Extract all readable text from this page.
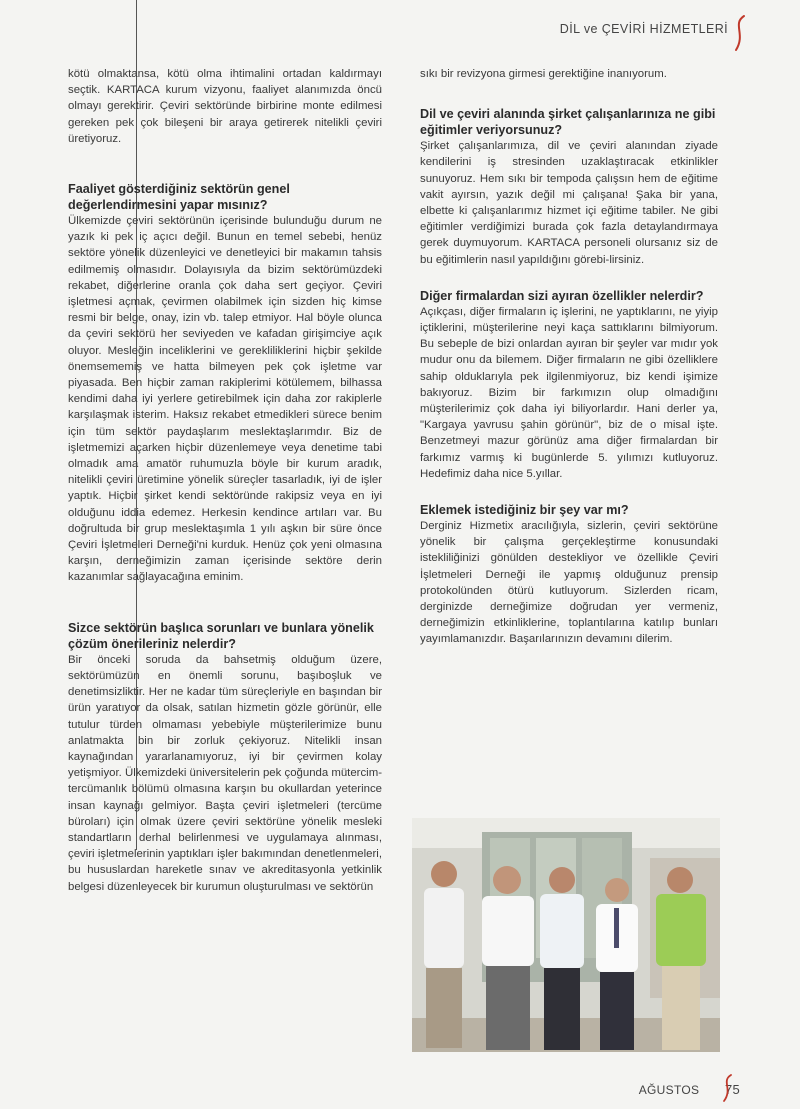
DİL ve ÇEVİRİ HİZMETLERİ

kötü olmaktansa, kötü olma ihtimalini ortadan kaldırmayı seçtik. KARTACA kurum vizyonu, faaliyet alanımızda öncü olmayı gerektirir. Çeviri sektöründe birbirine monte edilmesi gereken pek çok bileşeni bir araya getirerek nitelikli çeviri üretiyoruz.

Faaliyet gösterdiğiniz sektörün genel değerlendirmesini yapar mısınız?

Ülkemizde çeviri sektörünün içerisinde bulunduğu durum ne yazık ki pek iç açıcı değil. Bunun en temel sebebi, henüz sektöre yönelik düzenleyici ve denetleyici bir makamın tahsis edilmemiş olmasıdır. Dolayısıyla da bizim sektörümüzdeki rekabet, diğerlerine oranla çok daha sert geçiyor. Çeviri işletmesi açmak, çevirmen olabilmek için sizden hiç kimse resmi bir belge, onay, izin vb. talep etmiyor. Hal böyle olunca da çeviri sektörü her seviyeden ve kafadan girişimciye açık oluyor. Mesleğin inceliklerini ve gerekliliklerini hiçbir şekilde önemsememiş ve hatta bilmeyen pek çok işletme var piyasada. Ben hiçbir zaman rakiplerimi kötülemem, bilhassa kendimi daha iyi yerlere getirebilmek için daha zor rakiplerle karşılaşmak isterim. Haksız rekabet etmedikleri sürece benim için tüm sektör paydaşlarım meslektaşlarımdır. Biz de işletmemizi açarken hiçbir düzenlemeye veya denetime tabi olmadık ama amatör ruhumuzla böyle bir kurum aradık, nitelikli çeviri üretimine yönelik süreçler tasarladık, iyi de işler yaptık. Hiçbir şirket kendi sektöründe rakipsiz veya en iyi olduğunu iddia edemez. Herkesin kendince artıları var. Bu doğrultuda bir grup meslektaşımla 1 yılı aşkın bir süre önce Çeviri İşletmeleri Derneği'ni kurduk. Henüz çok yeni olmasına karşın, derneğimizin zaman içerisinde sektöre derin kazanımlar sağlayacağına eminim.

Sizce sektörün başlıca sorunları ve bunlara yönelik çözüm önerileriniz nelerdir?

Bir önceki soruda da bahsetmiş olduğum üzere, sektörümüzün en önemli sorunu, başıboşluk ve denetimsizliktir. Her ne kadar tüm süreçleriyle en başından bir ürün yaratıyor da olsak, satılan hizmetin gözle görünür, elle tutulur türden olmaması yebebiyle müşterilerimize bunu anlatmakta bin bir zorluk çekiyoruz. Nitelikli insan kaynağından yararlanamıyoruz, iyi bir çevirmen kolay yetişmiyor. Ülkemizdeki üniversitelerin pek çoğunda mütercim-tercümanlık bölümü olmasına karşın bu okullardan yeterince insan kaynağı gelmiyor. Başta çeviri işletmeleri (tercüme büroları) için olmak üzere çeviri sektörüne yönelik mesleki standartların derhal belirlenmesi ve uygulamaya alınması, çeviri işletmelerinin yaptıkları işler bakımından denetlenmeleri, bu hususlardan hareketle sınav ve akreditasyonla yetkinlik belgesi düzenleyecek bir kurumun oluşturulması ve sektörün

sıkı bir revizyona girmesi gerektiğine inanıyorum.

Dil ve çeviri alanında şirket çalışanlarınıza ne gibi eğitimler veriyorsunuz?

Şirket çalışanlarımıza, dil ve çeviri alanından ziyade kendilerini iş stresinden uzaklaştıracak etkinlikler sunuyoruz. Hem sıkı bir tempoda çalışsın hem de eğitime vakit ayırsın, yazık değil mi çalışana! Şaka bir yana, elbette ki çalışanlarımız hizmet içi eğitime tabiler. Ne gibi eğitimler verdiğimizi burada çok fazla detaylandırmaya gerek duymuyorum. KARTACA personeli olursanız siz de bu eğitimlerin nasıl yapıldığını görebi-lirsiniz.

Diğer firmalardan sizi ayıran özellikler nelerdir?

Açıkçası, diğer firmaların iç işlerini, ne yaptıklarını, ne yiyip içtiklerini, müşterilerine neyi kaça sattıklarını bilmiyorum. Bu sebeple de bizi onlardan ayıran bir şeyler var mıdır yok mudur onu da bilemem. Diğer firmaların ne gibi özelliklere sahip olduklarıyla pek ilgilenmiyoruz, biz kendi işimize bakıyoruz. Bizim bir farkımızın olup olmadığını müşterilerimiz çok daha iyi biliyorlardır. Hani derler ya, "Kargaya yavrusu şahin görünür", biz de o misal işte. Benzetmeyi mazur görünüz ama diğer firmalardan bir farkımız varmış ki bugünlerde 5. yılımızı kutluyoruz. Hedefimiz daha nice 5.yıllar.

Eklemek istediğiniz bir şey var mı?

Derginiz Hizmetix aracılığıyla, sizlerin, çeviri sektörüne yönelik bir çalışma gerçekleştirme konusundaki istekliliğinizi gönülden destekliyor ve özellikle Çeviri İşletmeleri Derneği ile yapmış olduğunuz prensip protokolünden ötürü kutluyorum. Sizlerden ricam, derginizde derneğimize doğrudan yer vermeniz, derneğimizin etkinliklerine, toplantılarına katılıp bunları yayımlamanızdır. Başarılarınızın devamını dilerim.

AĞUSTOS 75
